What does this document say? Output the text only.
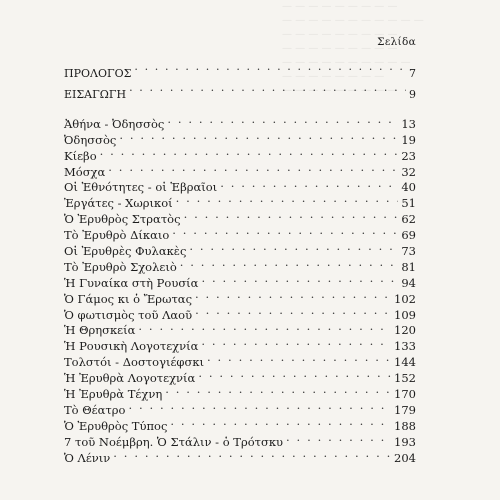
— — — — — — — — —
— — — — — — — — — — —
— — — — — — — — —
— — — — — — — — —
— — — — — — — — — —
— — — — — — — —
— — — — — — — — —
Σελίδα
ΠΡΟΛΟΓΟΣ . . .	7
ΕΙΣΑΓΩΓΗ . . .	9
Ἀθήνα - Ὀδησσὸς . . .	13
Ὀδησσὸς . . .	19
Κίεβο . . .	23
Μόσχα . . .	32
Οἱ Ἑθνότητες - οἱ Ἑβραῖοι . . .	40
Ἐργάτες - Χωρικοί . . .	51
Ὁ Ἐρυθρὸς Στρατὸς . . .	62
Τὸ Ἐρυθρὸ Δίκαιο . . .	69
Οἱ Ἐρυθρὲς Φυλακὲς . . .	73
Τὸ Ἐρυθρὸ Σχολειὸ . . .	81
Ἡ Γυναίκα στὴ Ρουσία . . .	94
Ὁ Γάμος κι ὁ Ἔρωτας . . .	102
Ὁ φωτισμὸς τοῦ Λαοῦ . . .	109
Ἡ Θρησκεία . . .	120
Ἡ Ρουσικὴ Λογοτεχνία . . .	133
Τολστόι - Δοστογιέφσκι . . .	144
Ἡ Ἐρυθρὰ Λογοτεχνία . . .	152
Ἡ Ἐρυθρὰ Τέχνη . . .	170
Τὸ Θέατρο . . .	179
Ὁ Ἐρυθρὸς Τύπος . . .	188
7 τοῦ Νοέμβρη. Ὁ Στάλιν - ὁ Τρότσκυ . . .	193
Ὁ Λένιν . . .	204
